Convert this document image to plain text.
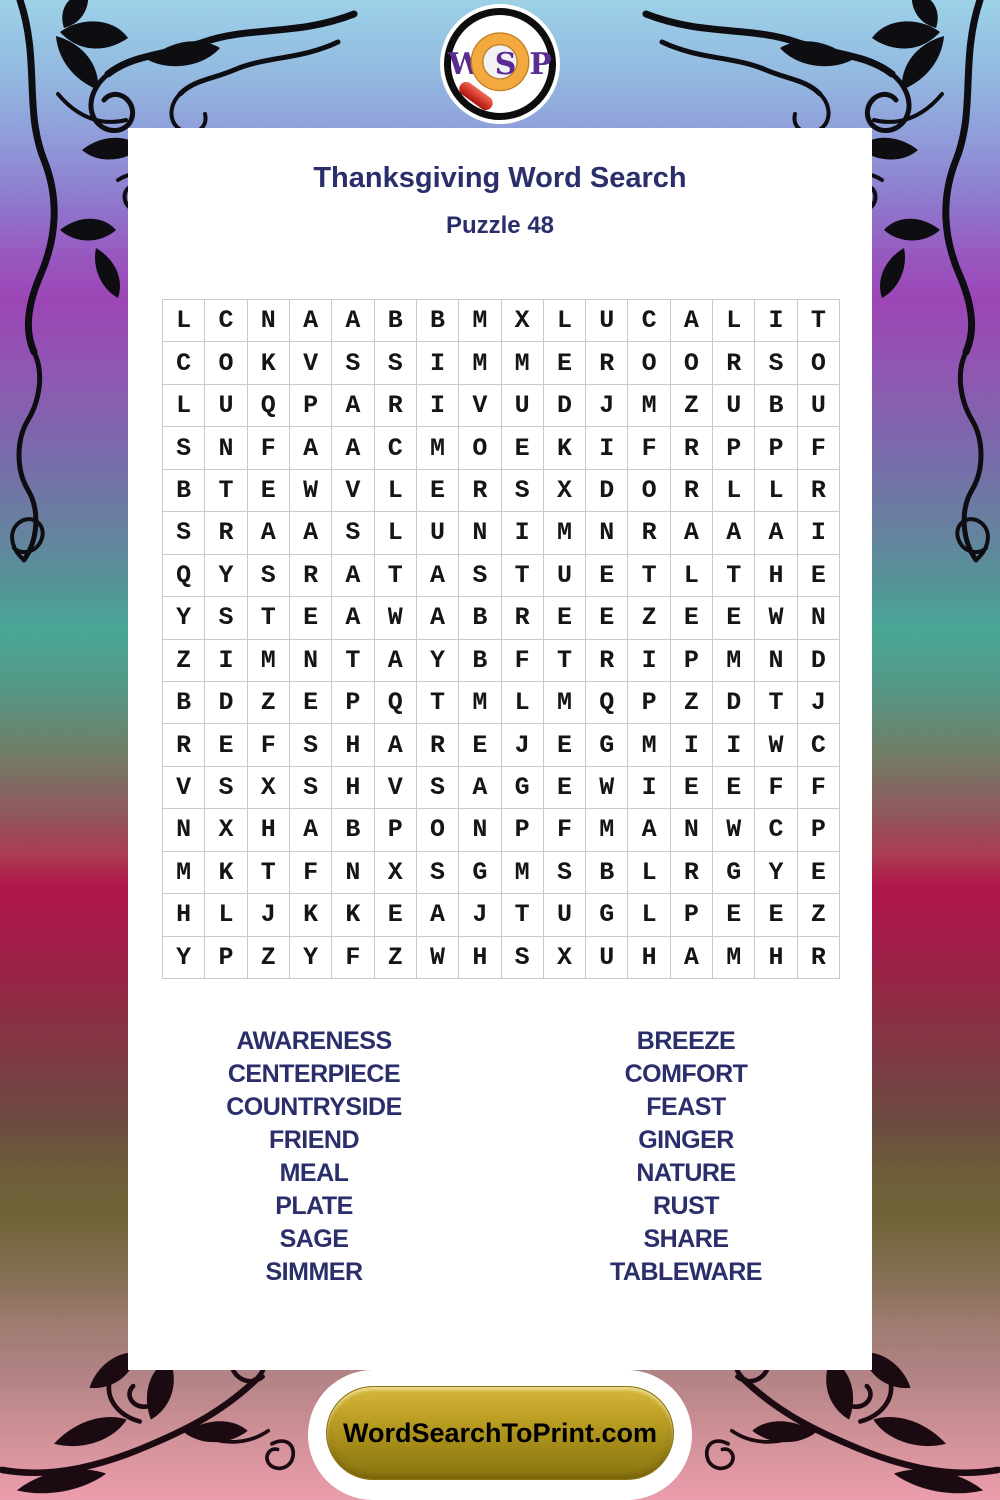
W S P
Thanksgiving Word Search
Puzzle 48
L	C	N	A	A	B	B	M	X	L	U	C	A	L	I	T
C	O	K	V	S	S	I	M	M	E	R	O	O	R	S	O
L	U	Q	P	A	R	I	V	U	D	J	M	Z	U	B	U
S	N	F	A	A	C	M	O	E	K	I	F	R	P	P	F
B	T	E	W	V	L	E	R	S	X	D	O	R	L	L	R
S	R	A	A	S	L	U	N	I	M	N	R	A	A	A	I
Q	Y	S	R	A	T	A	S	T	U	E	T	L	T	H	E
Y	S	T	E	A	W	A	B	R	E	E	Z	E	E	W	N
Z	I	M	N	T	A	Y	B	F	T	R	I	P	M	N	D
B	D	Z	E	P	Q	T	M	L	M	Q	P	Z	D	T	J
R	E	F	S	H	A	R	E	J	E	G	M	I	I	W	C
V	S	X	S	H	V	S	A	G	E	W	I	E	E	F	F
N	X	H	A	B	P	O	N	P	F	M	A	N	W	C	P
M	K	T	F	N	X	S	G	M	S	B	L	R	G	Y	E
H	L	J	K	K	E	A	J	T	U	G	L	P	E	E	Z
Y	P	Z	Y	F	Z	W	H	S	X	U	H	A	M	H	R
AWARENESS
CENTERPIECE
COUNTRYSIDE
FRIEND
MEAL
PLATE
SAGE
SIMMER
BREEZE
COMFORT
FEAST
GINGER
NATURE
RUST
SHARE
TABLEWARE
WordSearchToPrint.com
